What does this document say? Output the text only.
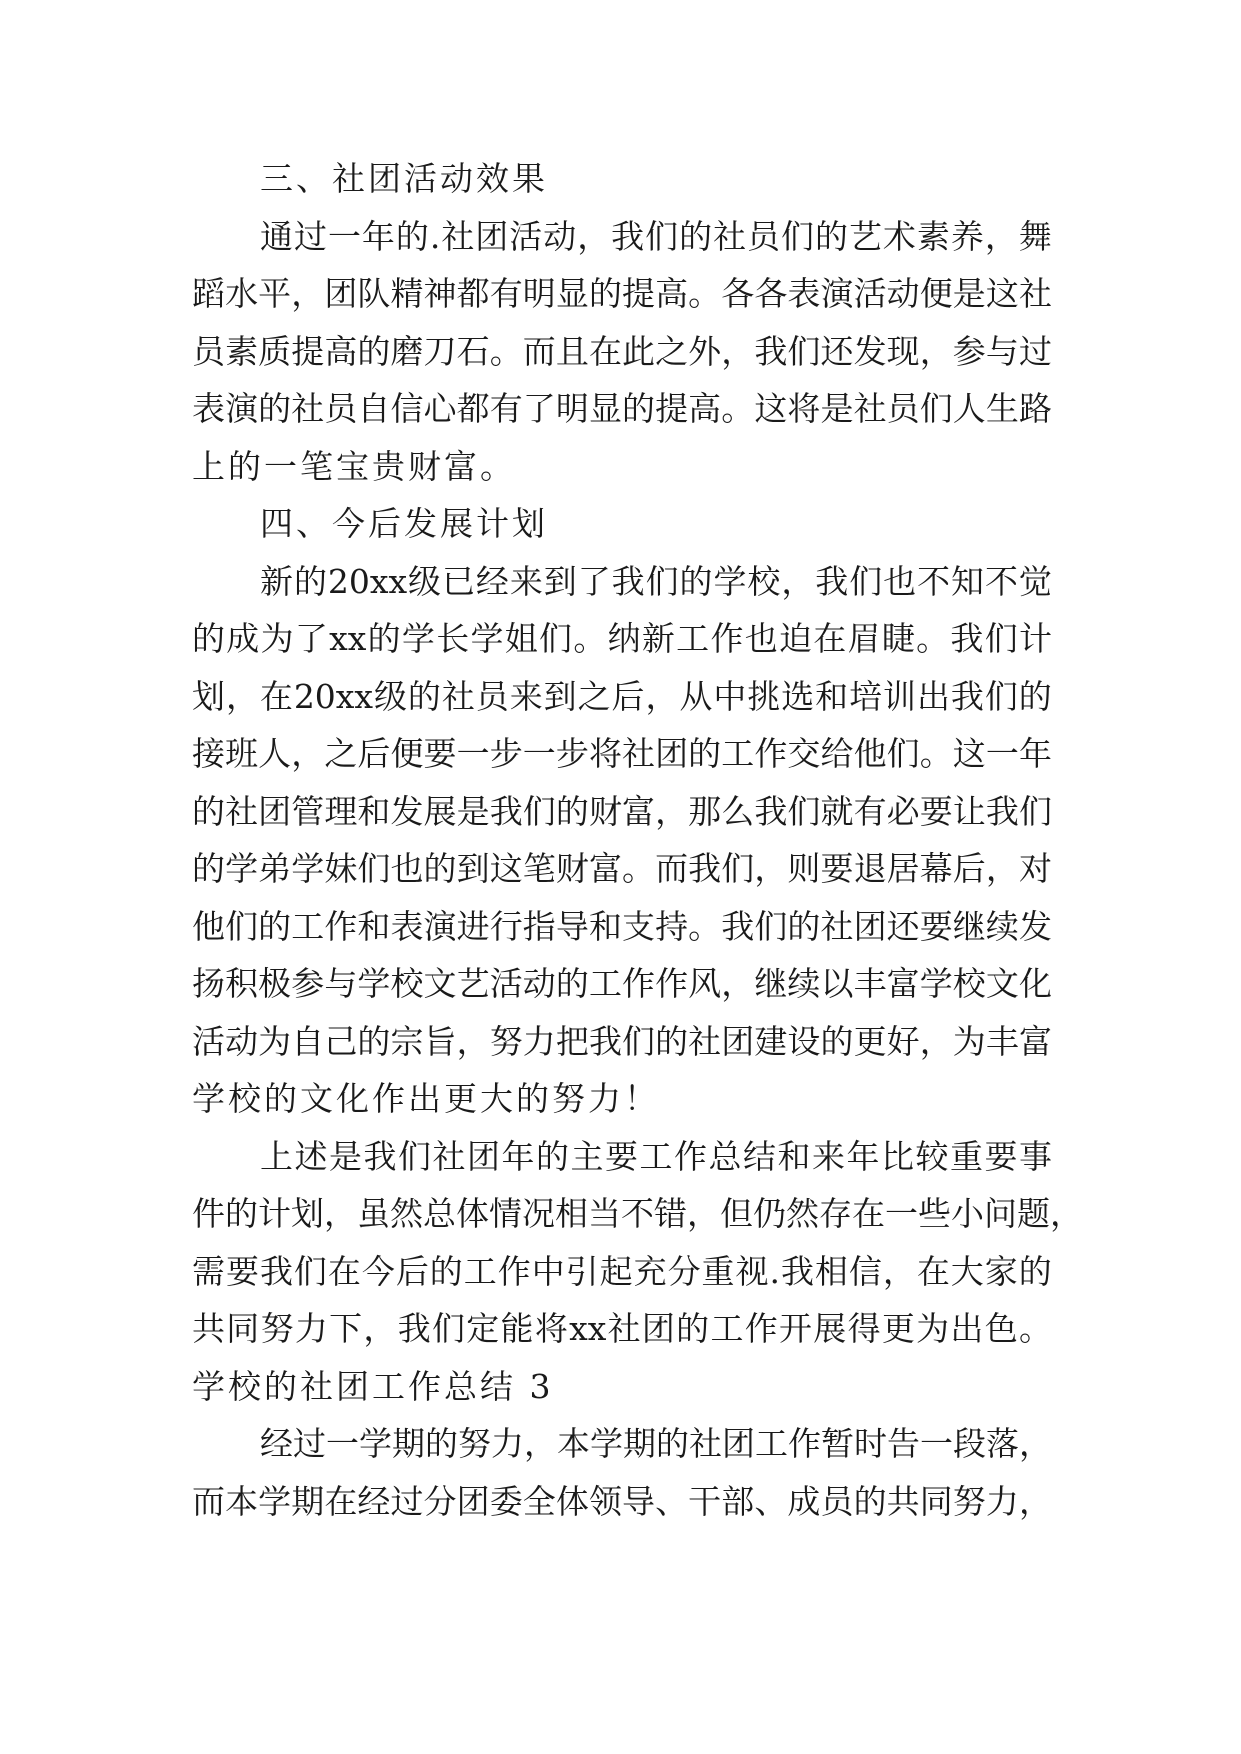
三、社团活动效果
通 过 一 年 的 . 社 团 活 动 ， 我 们 的 社 员 们 的 艺 术 素 养 ， 舞
蹈 水 平 ， 团 队 精 神 都 有 明 显 的 提 高 。 各 各 表 演 活 动 便 是 这 社
员 素 质 提 高 的 磨 刀 石 。 而 且 在 此 之 外 ， 我 们 还 发 现 ， 参 与 过
表 演 的 社 员 自 信 心 都 有 了 明 显 的 提 高 。 这 将 是 社 员 们 人 生 路
上的一笔宝贵财富。
四、今后发展计划
新 的 20xx 级 已 经 来 到 了 我 们 的 学 校 ， 我 们 也 不 知 不 觉
的 成 为 了 xx 的 学 长 学 姐 们 。 纳 新 工 作 也 迫 在 眉 睫 。 我 们 计
划 ， 在 20xx 级 的 社 员 来 到 之 后 ， 从 中 挑 选 和 培 训 出 我 们 的
接 班 人 ， 之 后 便 要 一 步 一 步 将 社 团 的 工 作 交 给 他 们 。 这 一 年
的 社 团 管 理 和 发 展 是 我 们 的 财 富 ， 那 么 我 们 就 有 必 要 让 我 们
的 学 弟 学 妹 们 也 的 到 这 笔 财 富 。 而 我 们 ， 则 要 退 居 幕 后 ， 对
他 们 的 工 作 和 表 演 进 行 指 导 和 支 持 。 我 们 的 社 团 还 要 继 续 发
扬 积 极 参 与 学 校 文 艺 活 动 的 工 作 作 风 ， 继 续 以 丰 富 学 校 文 化
活 动 为 自 己 的 宗 旨 ， 努 力 把 我 们 的 社 团 建 设 的 更 好 ， 为 丰 富
学校的文化作出更大的努力！
上 述 是 我 们 社 团 年 的 主 要 工 作 总 结 和 来 年 比 较 重 要 事
件 的 计 划 ， 虽 然 总 体 情 况 相 当 不 错 ， 但 仍 然 存 在 一 些 小 问 题 ，
需 要 我 们 在 今 后 的 工 作 中 引 起 充 分 重 视 . 我 相 信 ， 在 大 家 的
共 同 努 力 下 ， 我 们 定 能 将 xx 社 团 的 工 作 开 展 得 更 为 出 色 。
学校的社团工作总结 3
经 过 一 学 期 的 努 力 ， 本 学 期 的 社 团 工 作 暂 时 告 一 段 落 ，
而 本 学 期 在 经 过 分 团 委 全 体 领 导 、 干 部 、 成 员 的 共 同 努 力 ，
